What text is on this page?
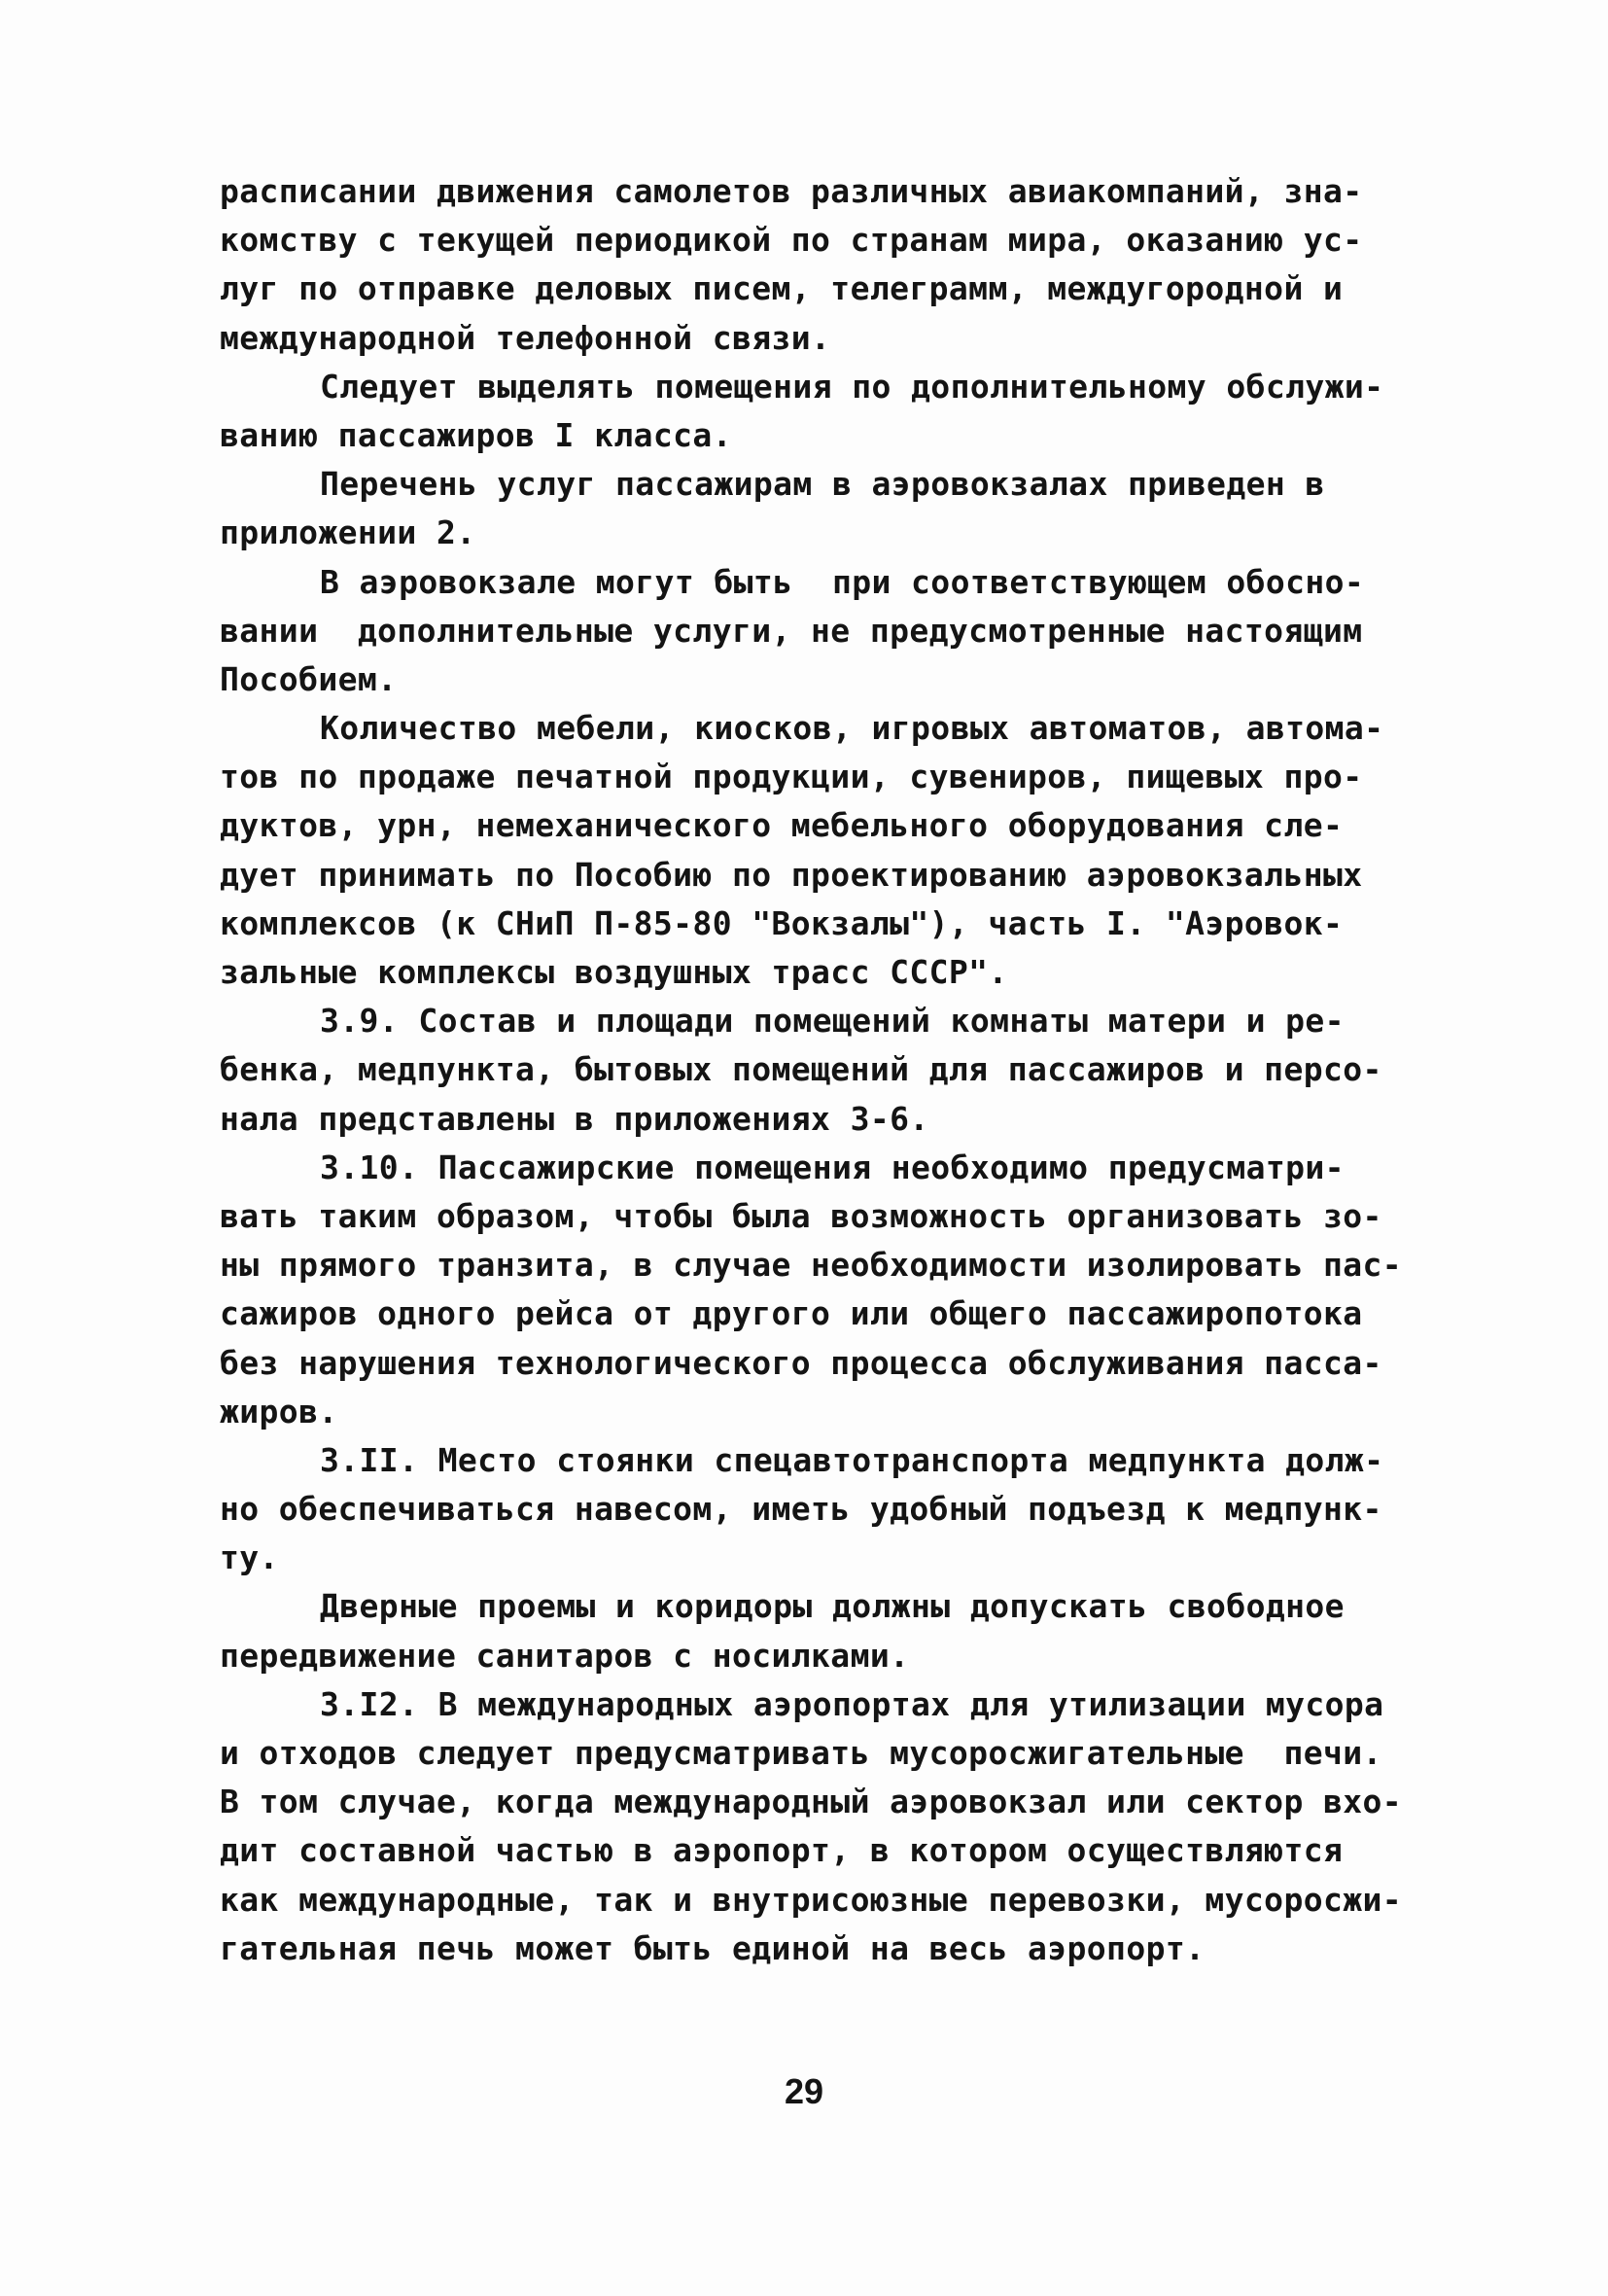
расписании движения самолетов различных авиакомпаний, зна-
комству с текущей периодикой по странам мира, оказанию ус-
луг по отправке деловых писем, телеграмм, междугородной и
международной телефонной связи.
Следует выделять помещения по дополнительному обслужи-
ванию пассажиров I класса.
Перечень услуг пассажирам в аэровокзалах приведен в
приложении 2.
В аэровокзале могут быть  при соответствующем обосно-
вании  дополнительные услуги, не предусмотренные настоящим
Пособием.
Количество мебели, киосков, игровых автоматов, автома-
тов по продаже печатной продукции, сувениров, пищевых про-
дуктов, урн, немеханического мебельного оборудования сле-
дует принимать по Пособию по проектированию аэровокзальных
комплексов (к СНиП П-85-80 "Вокзалы"), часть I. "Аэровок-
зальные комплексы воздушных трасс СССР".
3.9. Состав и площади помещений комнаты матери и ре-
бенка, медпункта, бытовых помещений для пассажиров и персо-
нала представлены в приложениях 3-6.
3.10. Пассажирские помещения необходимо предусматри-
вать таким образом, чтобы была возможность организовать зо-
ны прямого транзита, в случае необходимости изолировать пас-
сажиров одного рейса от другого или общего пассажиропотока
без нарушения технологического процесса обслуживания пасса-
жиров.
3.II. Место стоянки спецавтотранспорта медпункта долж-
но обеспечиваться навесом, иметь удобный подъезд к медпунк-
ту.
Дверные проемы и коридоры должны допускать свободное
передвижение санитаров с носилками.
3.I2. В международных аэропортах для утилизации мусора
и отходов следует предусматривать мусоросжигательные  печи.
В том случае, когда международный аэровокзал или сектор вхо-
дит составной частью в аэропорт, в котором осуществляются
как международные, так и внутрисоюзные перевозки, мусоросжи-
гательная печь может быть единой на весь аэропорт.
29
